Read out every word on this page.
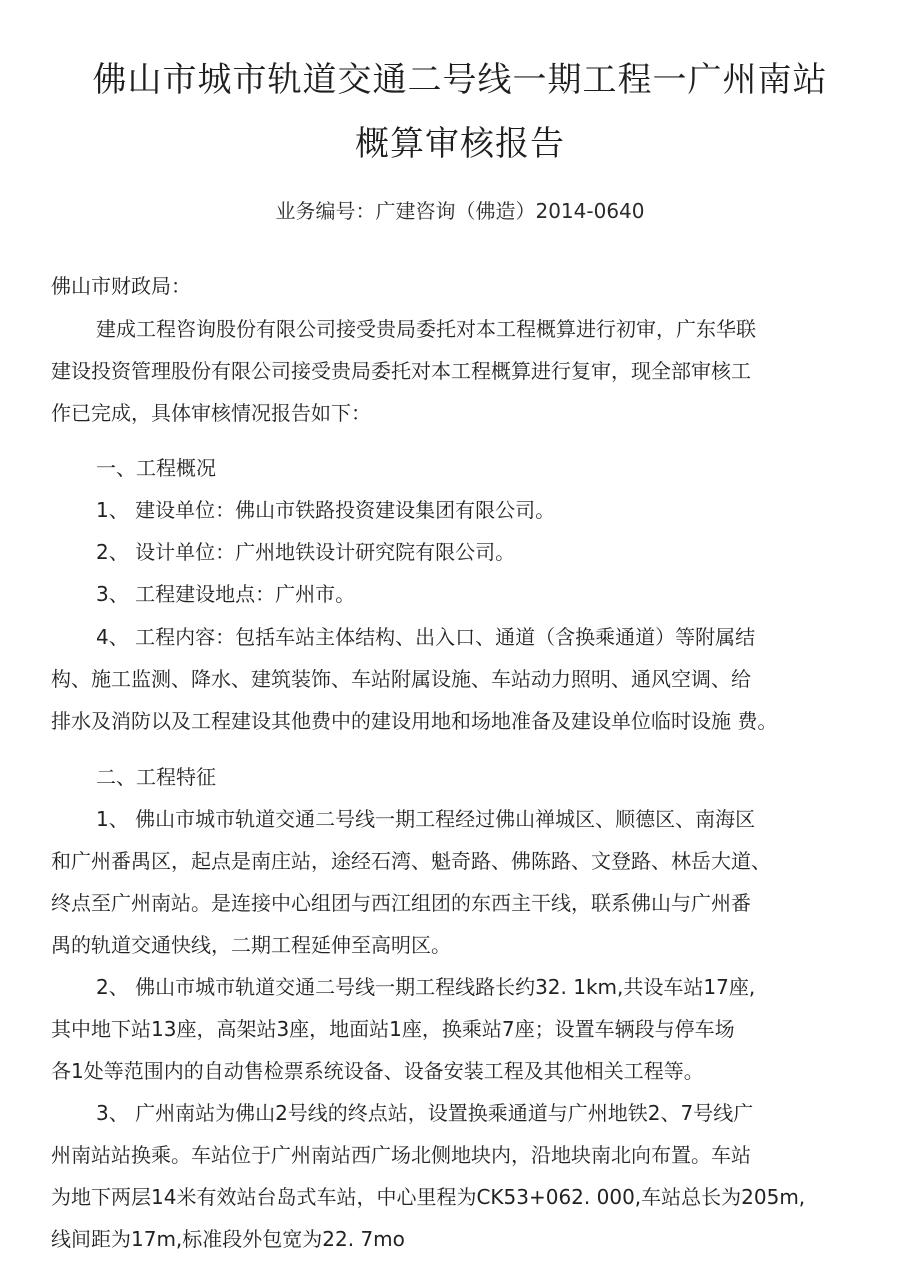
佛山市城市轨道交通二号线一期工程一广州南站
概算审核报告
业务编号：广建咨询（佛造）2014-0640
佛山市财政局：
建成工程咨询股份有限公司接受贵局委托对本工程概算进行初审，广东华联
建设投资管理股份有限公司接受贵局委托对本工程概算进行复审，现全部审核工
作已完成，具体审核情况报告如下：
一、工程概况
1、 建设单位：佛山市铁路投资建设集团有限公司。
2、 设计单位：广州地铁设计研究院有限公司。
3、 工程建设地点：广州市。
4、 工程内容：包括车站主体结构、出入口、通道（含换乘通道）等附属结
构、施工监测、降水、建筑装饰、车站附属设施、车站动力照明、通风空调、给
排水及消防以及工程建设其他费中的建设用地和场地准备及建设单位临时设施 费。
二、工程特征
1、 佛山市城市轨道交通二号线一期工程经过佛山禅城区、顺德区、南海区
和广州番禺区，起点是南庄站，途经石湾、魁奇路、佛陈路、文登路、林岳大道、
终点至广州南站。是连接中心组团与西江组团的东西主干线，联系佛山与广州番
禺的轨道交通快线，二期工程延伸至高明区。
2、 佛山市城市轨道交通二号线一期工程线路长约32. 1km,共设车站17座,
其中地下站13座，高架站3座，地面站1座，换乘站7座；设置车辆段与停车场
各1处等范围内的自动售检票系统设备、设备安装工程及其他相关工程等。
3、 广州南站为佛山2号线的终点站，设置换乘通道与广州地铁2、7号线广
州南站站换乘。车站位于广州南站西广场北侧地块内，沿地块南北向布置。车站
为地下两层14米有效站台岛式车站，中心里程为CK53+062. 000,车站总长为205m,
线间距为17m,标准段外包宽为22. 7mo
